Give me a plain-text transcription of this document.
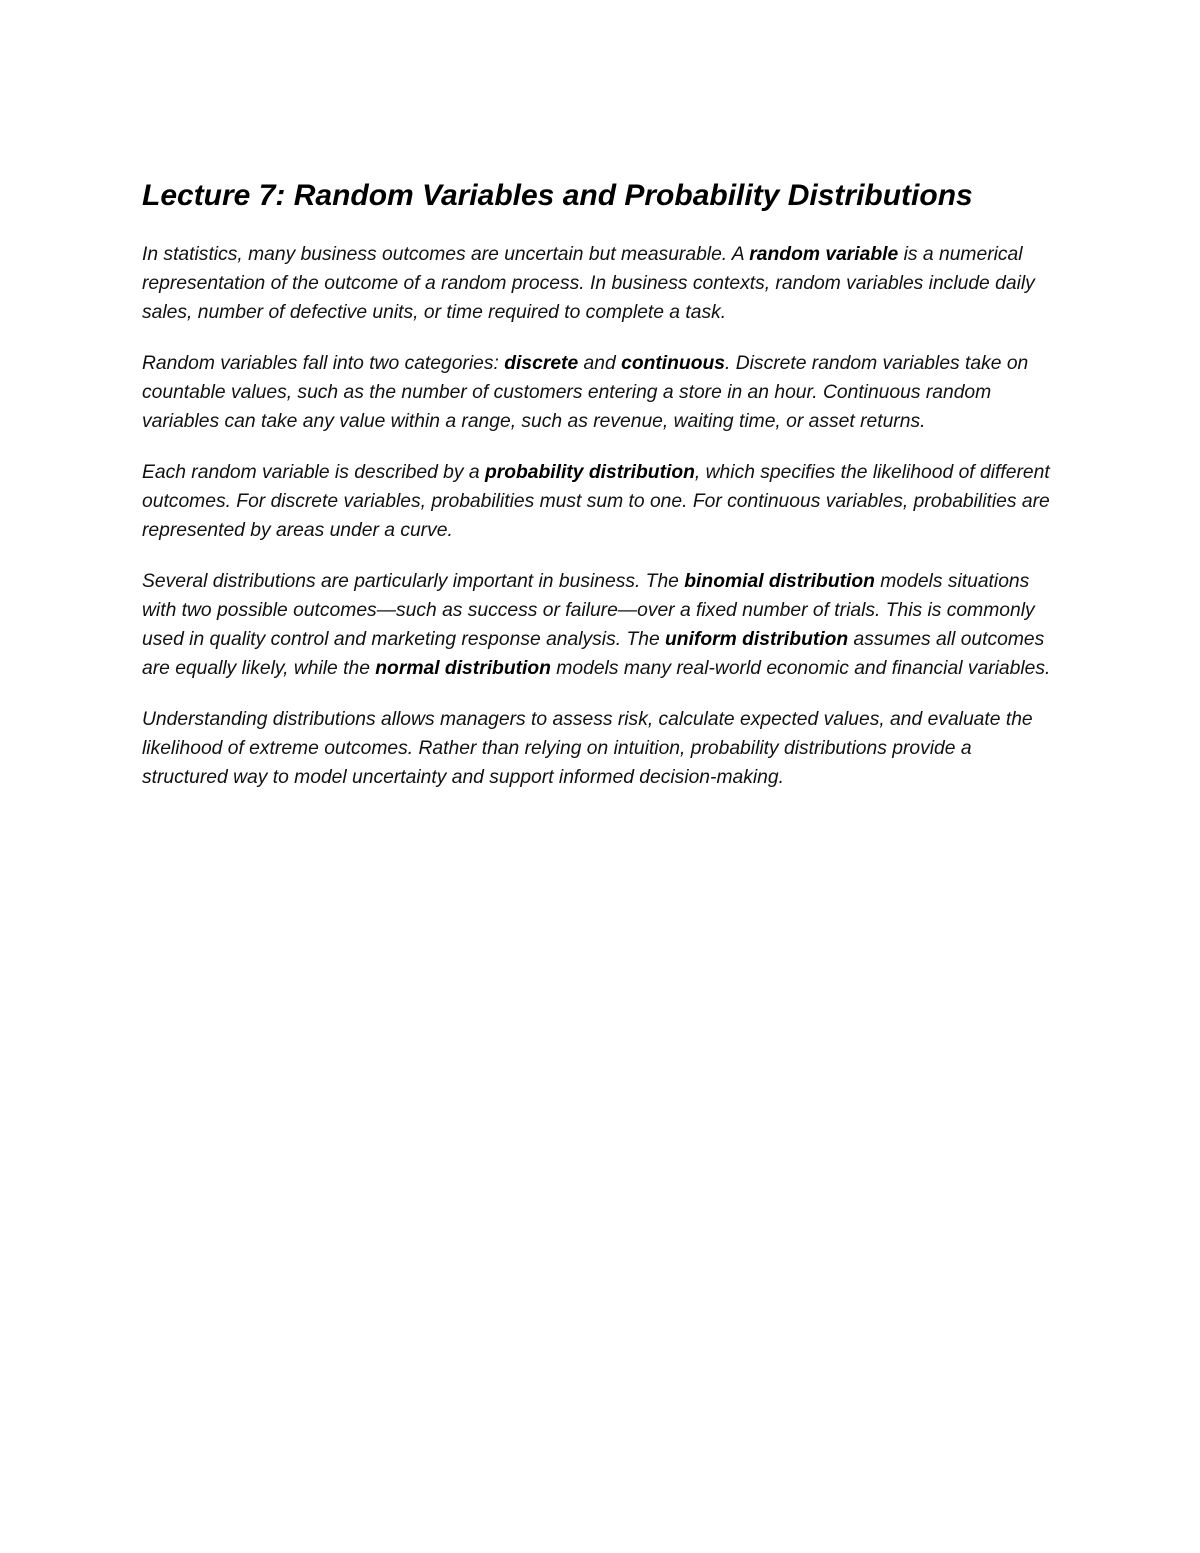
Lecture 7: Random Variables and Probability Distributions

In statistics, many business outcomes are uncertain but measurable. A random variable is a numerical representation of the outcome of a random process. In business contexts, random variables include daily sales, number of defective units, or time required to complete a task.

Random variables fall into two categories: discrete and continuous. Discrete random variables take on countable values, such as the number of customers entering a store in an hour. Continuous random variables can take any value within a range, such as revenue, waiting time, or asset returns.

Each random variable is described by a probability distribution, which specifies the likelihood of different outcomes. For discrete variables, probabilities must sum to one. For continuous variables, probabilities are represented by areas under a curve.

Several distributions are particularly important in business. The binomial distribution models situations with two possible outcomes—such as success or failure—over a fixed number of trials. This is commonly used in quality control and marketing response analysis. The uniform distribution assumes all outcomes are equally likely, while the normal distribution models many real-world economic and financial variables.

Understanding distributions allows managers to assess risk, calculate expected values, and evaluate the likelihood of extreme outcomes. Rather than relying on intuition, probability distributions provide a structured way to model uncertainty and support informed decision-making.
